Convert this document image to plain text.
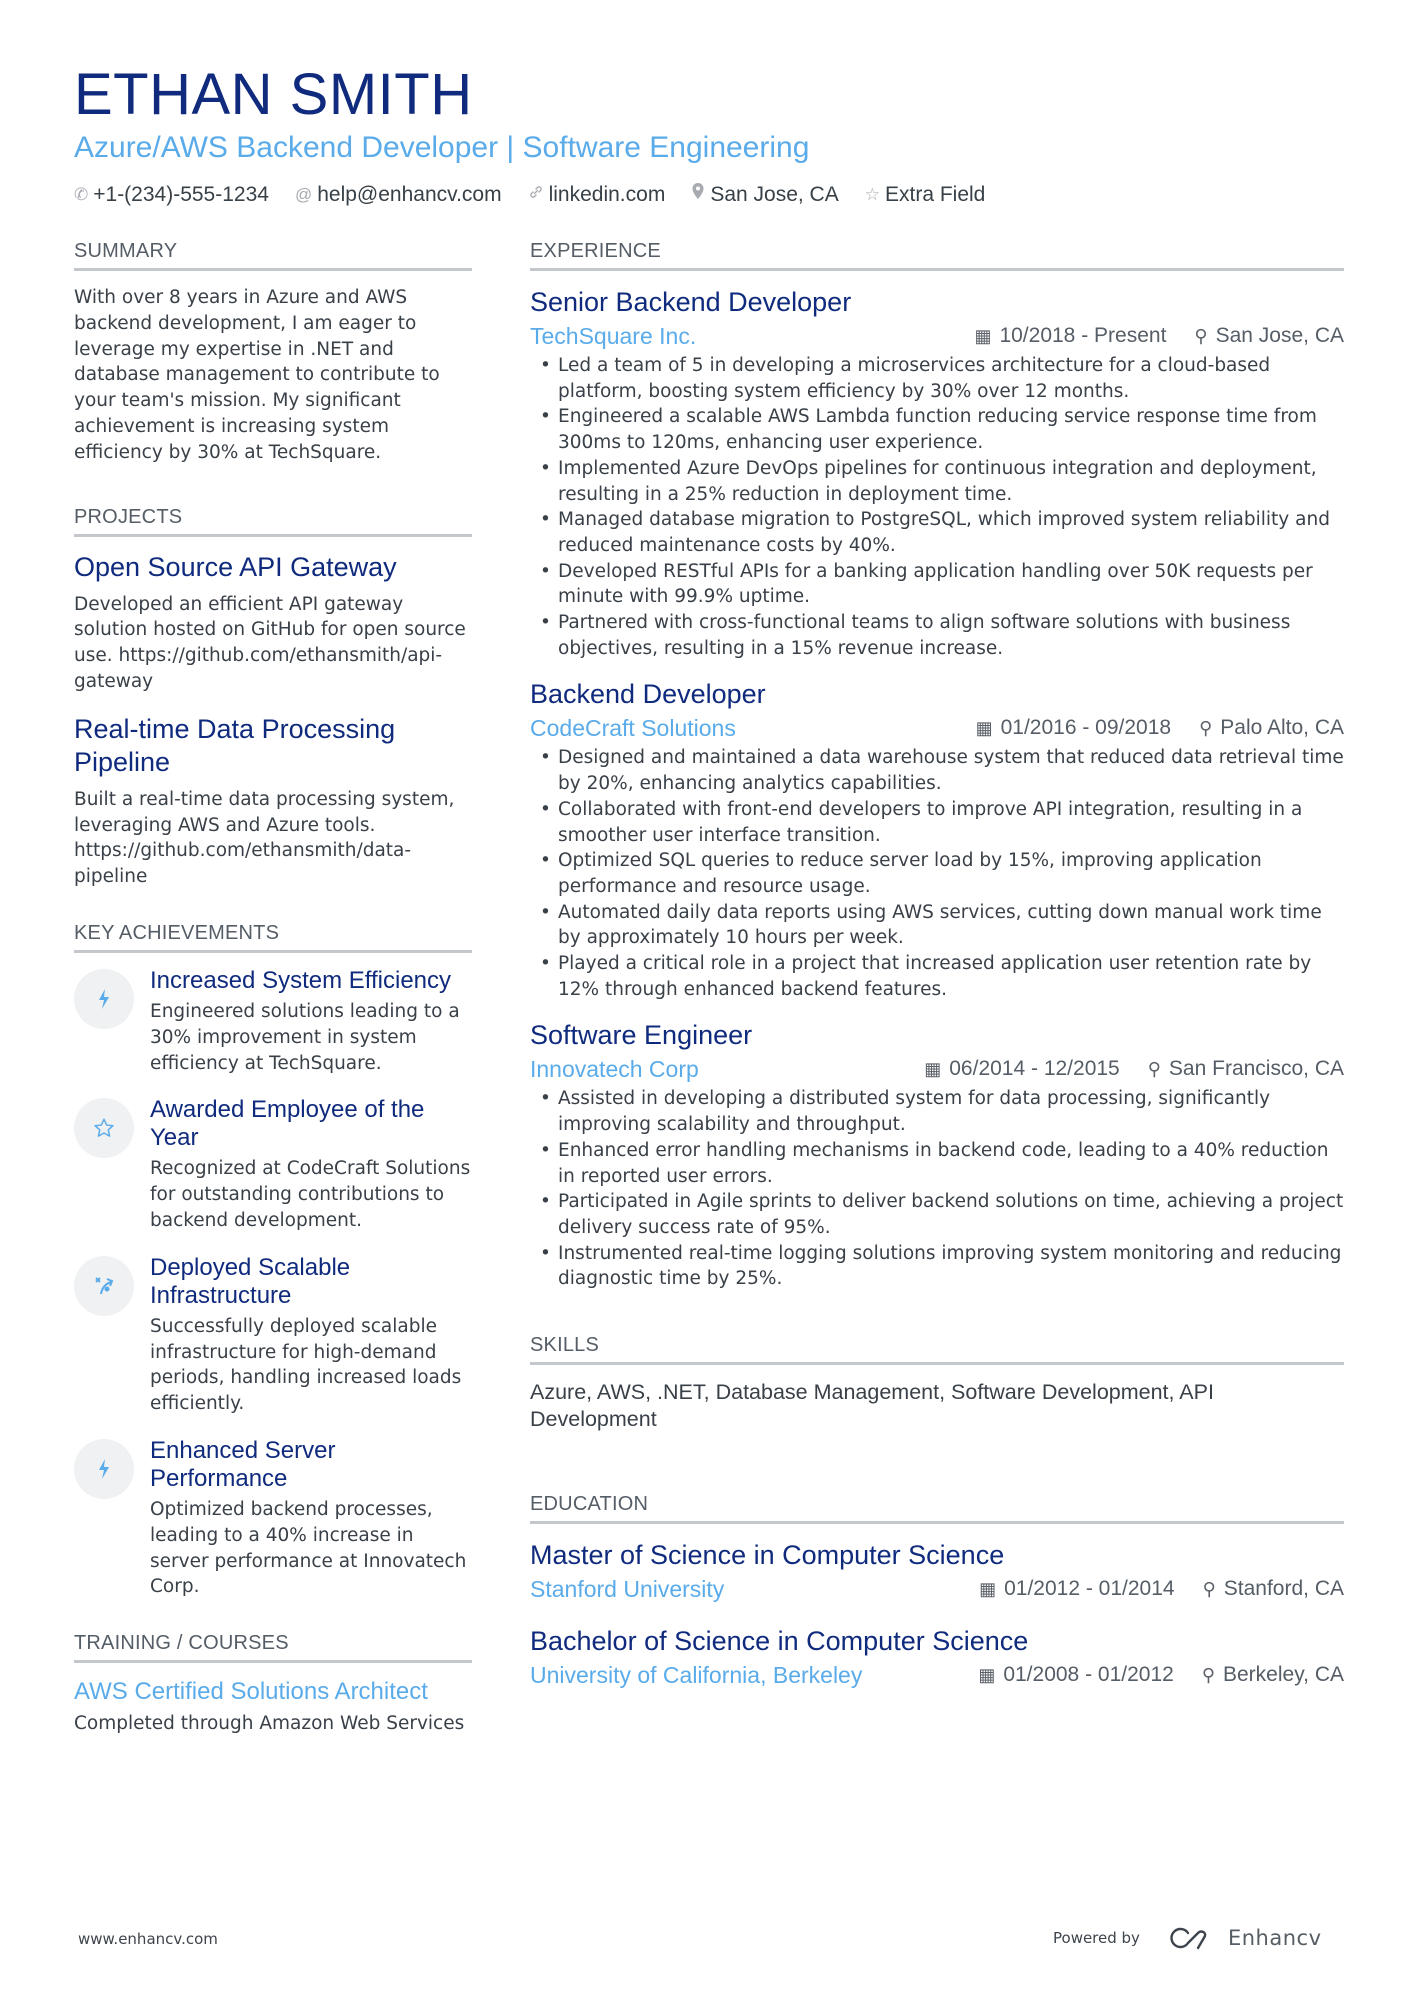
ETHAN SMITH
Azure/AWS Backend Developer | Software Engineering
✆ +1-(234)-555-1234 @ help@enhancv.com linkedin.com San Jose, CA ☆ Extra Field
SUMMARY
With over 8 years in Azure and AWS backend development, I am eager to leverage my expertise in .NET and database management to contribute to your team's mission. My significant achievement is increasing system efficiency by 30% at TechSquare.
PROJECTS
Open Source API Gateway
Developed an efficient API gateway solution hosted on GitHub for open source use. https://github.com/ethansmith/api-gateway
Real-time Data Processing Pipeline
Built a real-time data processing system, leveraging AWS and Azure tools. https://github.com/ethansmith/data-pipeline
KEY ACHIEVEMENTS
Increased System Efficiency
Engineered solutions leading to a 30% improvement in system efficiency at TechSquare.
Awarded Employee of the Year
Recognized at CodeCraft Solutions for outstanding contributions to backend development.
Deployed Scalable Infrastructure
Successfully deployed scalable infrastructure for high-demand periods, handling increased loads efficiently.
Enhanced Server Performance
Optimized backend processes, leading to a 40% increase in server performance at Innovatech Corp.
TRAINING / COURSES
AWS Certified Solutions Architect
Completed through Amazon Web Services
EXPERIENCE
Senior Backend Developer
TechSquare Inc.	▦ 10/2018 - Present ⚲ San Jose, CA
• Led a team of 5 in developing a microservices architecture for a cloud-based platform, boosting system efficiency by 30% over 12 months.
• Engineered a scalable AWS Lambda function reducing service response time from 300ms to 120ms, enhancing user experience.
• Implemented Azure DevOps pipelines for continuous integration and deployment, resulting in a 25% reduction in deployment time.
• Managed database migration to PostgreSQL, which improved system reliability and reduced maintenance costs by 40%.
• Developed RESTful APIs for a banking application handling over 50K requests per minute with 99.9% uptime.
• Partnered with cross-functional teams to align software solutions with business objectives, resulting in a 15% revenue increase.
Backend Developer
CodeCraft Solutions	▦ 01/2016 - 09/2018 ⚲ Palo Alto, CA
• Designed and maintained a data warehouse system that reduced data retrieval time by 20%, enhancing analytics capabilities.
• Collaborated with front-end developers to improve API integration, resulting in a smoother user interface transition.
• Optimized SQL queries to reduce server load by 15%, improving application performance and resource usage.
• Automated daily data reports using AWS services, cutting down manual work time by approximately 10 hours per week.
• Played a critical role in a project that increased application user retention rate by 12% through enhanced backend features.
Software Engineer
Innovatech Corp	▦ 06/2014 - 12/2015 ⚲ San Francisco, CA
• Assisted in developing a distributed system for data processing, significantly improving scalability and throughput.
• Enhanced error handling mechanisms in backend code, leading to a 40% reduction in reported user errors.
• Participated in Agile sprints to deliver backend solutions on time, achieving a project delivery success rate of 95%.
• Instrumented real-time logging solutions improving system monitoring and reducing diagnostic time by 25%.
SKILLS
Azure, AWS, .NET, Database Management, Software Development, API Development
EDUCATION
Master of Science in Computer Science
Stanford University	▦ 01/2012 - 01/2014 ⚲ Stanford, CA
Bachelor of Science in Computer Science
University of California, Berkeley	▦ 01/2008 - 01/2012 ⚲ Berkeley, CA
www.enhancv.com	Powered by	Enhancv
